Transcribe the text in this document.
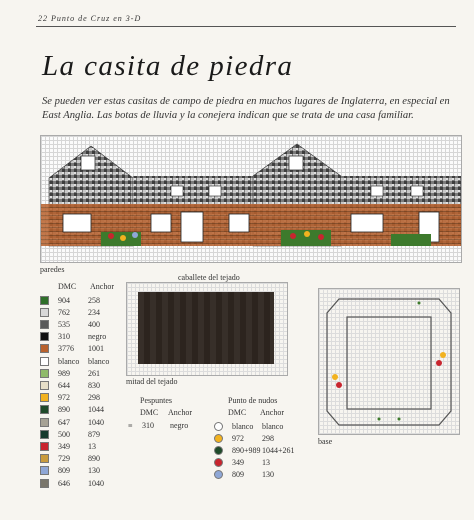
22 Punto de Cruz en 3-D
La casita de piedra
Se pueden ver estas casitas de campo de piedra en muchos lugares de Inglaterra, en especial en East Anglia. Las botas de lluvia y la conejera indican que se trata de una casa familiar.
paredes
DMC Anchor
904	258
762	234
535	400
310	negro
3776	1001
blanco	blanco
989	261
644	830
972	298
890	1044
647	1040
500	879
349	13
729	890
809	130
646	1040
caballete del tejado
mitad del tejado
Pespuntes
DMC Anchor
≡ 310 negro
Punto de nudos
DMC Anchor
blanco	blanco
972	298
890+989 1044+261
349	13
809	130
base
